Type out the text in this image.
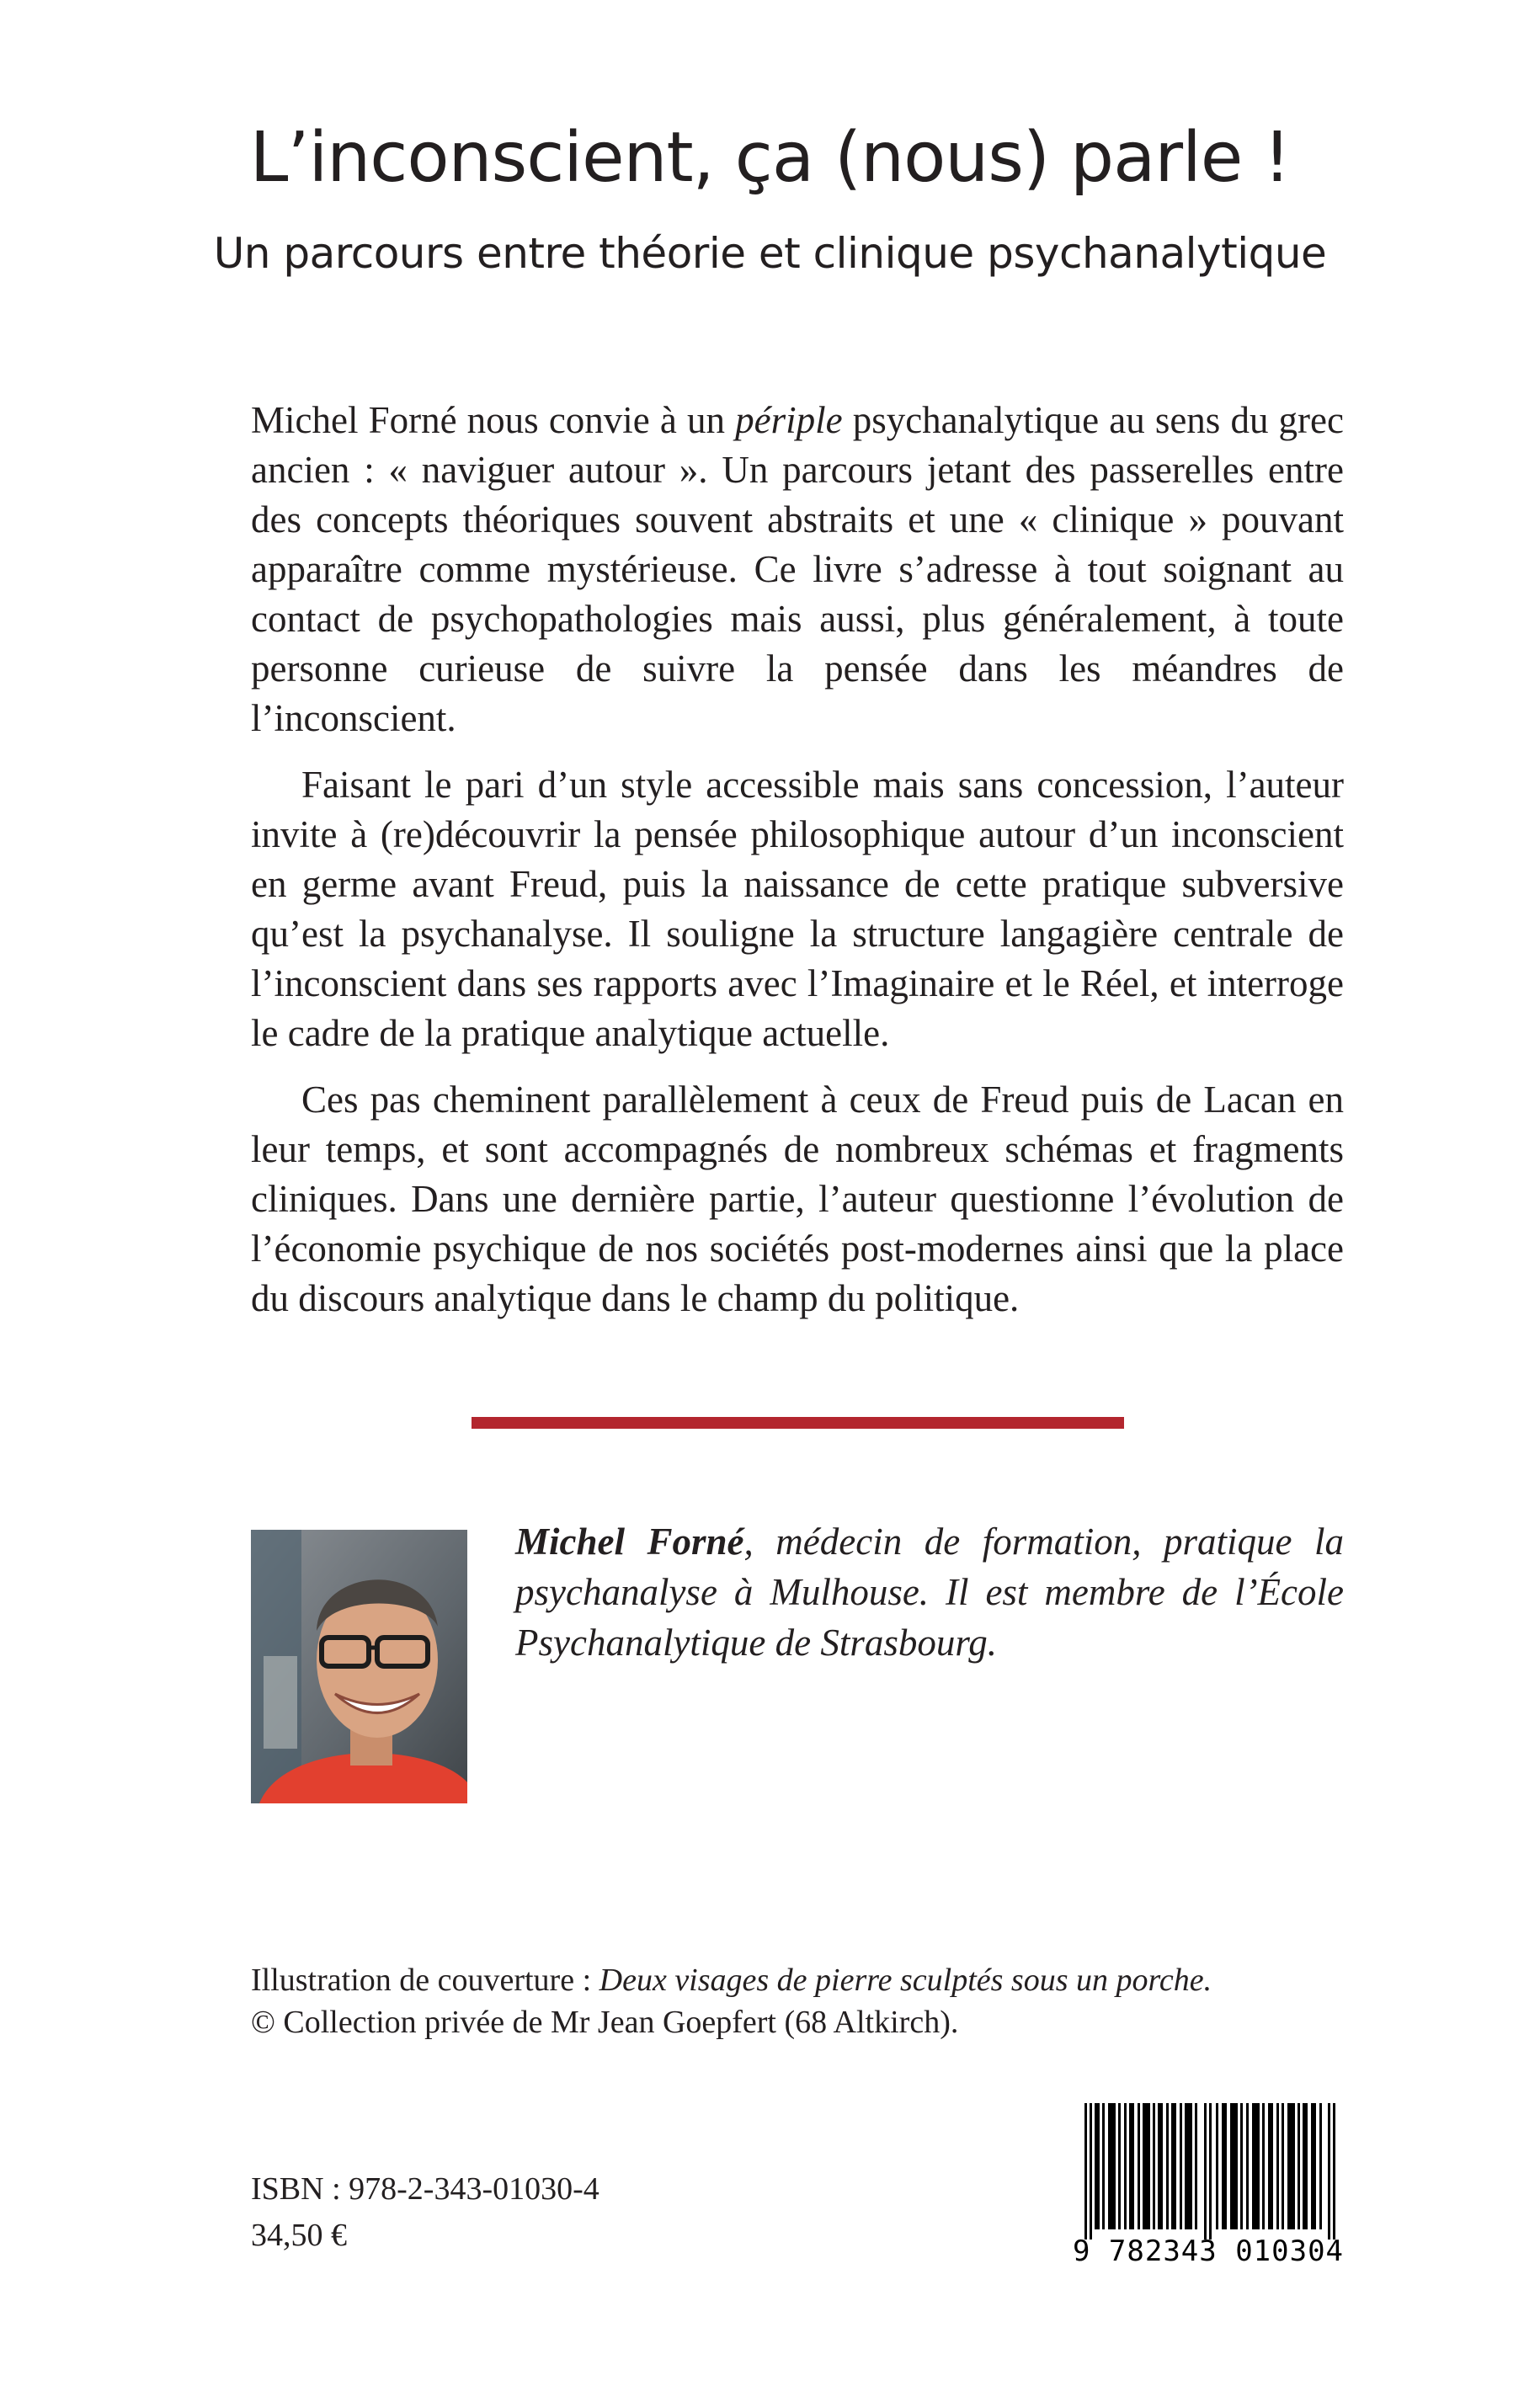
L’inconscient, ça (nous) parle !
Un parcours entre théorie et clinique psychanalytique

Michel Forné nous convie à un périple psychanalytique au sens du grec ancien : « naviguer autour ». Un parcours jetant des passerelles entre des concepts théoriques souvent abstraits et une « clinique » pouvant apparaître comme mystérieuse. Ce livre s’adresse à tout soignant au contact de psychopathologies mais aussi, plus généralement, à toute personne curieuse de suivre la pensée dans les méandres de l’inconscient.

Faisant le pari d’un style accessible mais sans concession, l’auteur invite à (re)découvrir la pensée philosophique autour d’un inconscient en germe avant Freud, puis la naissance de cette pratique subversive qu’est la psychanalyse. Il souligne la structure langagière centrale de l’inconscient dans ses rapports avec l’Imaginaire et le Réel, et interroge le cadre de la pratique analytique actuelle.

Ces pas cheminent parallèlement à ceux de Freud puis de Lacan en leur temps, et sont accompagnés de nombreux schémas et fragments cliniques. Dans une dernière partie, l’auteur questionne l’évolution de l’économie psychique de nos sociétés post-modernes ainsi que la place du discours analytique dans le champ du politique.

Michel Forné, médecin de formation, pratique la psychanalyse à Mulhouse. Il est membre de l’École Psychanalytique de Strasbourg.
Illustration de couverture : Deux visages de pierre sculptés sous un porche.
© Collection privée de Mr Jean Goepfert (68 Altkirch).
ISBN : 978-2-343-01030-4
34,50 €	9 782343 010304
